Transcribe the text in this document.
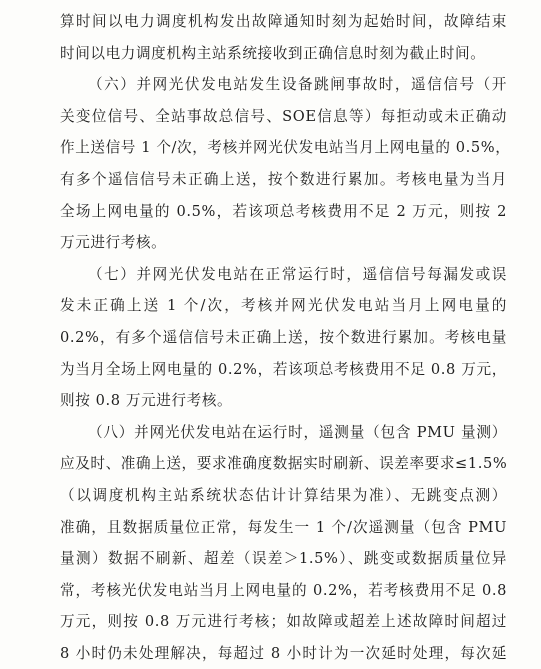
算时间以电力调度机构发出故障通知时刻为起始时间，故障结束
时间以电力调度机构主站系统接收到正确信息时刻为截止时间。
（六）并网光伏发电站发生设备跳闸事故时，遥信信号（开
关变位信号、全站事故总信号、SOE信息等）每拒动或未正确动
作上送信号 1 个/次，考核并网光伏发电站当月上网电量的 0.5%，
有多个遥信信号未正确上送，按个数进行累加。考核电量为当月
全场上网电量的 0.5%，若该项总考核费用不足 2 万元，则按 2
万元进行考核。
（七）并网光伏发电站在正常运行时，遥信信号每漏发或误
发未正确上送 1 个/次，考核并网光伏发电站当月上网电量的
0.2%，有多个遥信信号未正确上送，按个数进行累加。考核电量
为当月全场上网电量的 0.2%，若该项总考核费用不足 0.8 万元，
则按 0.8 万元进行考核。
（八）并网光伏发电站在运行时，遥测量（包含 PMU 量测）
应及时、准确上送，要求准确度数据实时刷新、误差率要求≤1.5%
（以调度机构主站系统状态估计计算结果为准）、无跳变点测）
准确，且数据质量位正常，每发生一 1 个/次遥测量（包含 PMU
量测）数据不刷新、超差（误差＞1.5%）、跳变或数据质量位异
常，考核光伏发电站当月上网电量的 0.2%，若考核费用不足 0.8
万元，则按 0.8 万元进行考核；如故障或超差上述故障时间超过
8 小时仍未处理解决，每超过 8 小时计为一次延时处理，每次延
